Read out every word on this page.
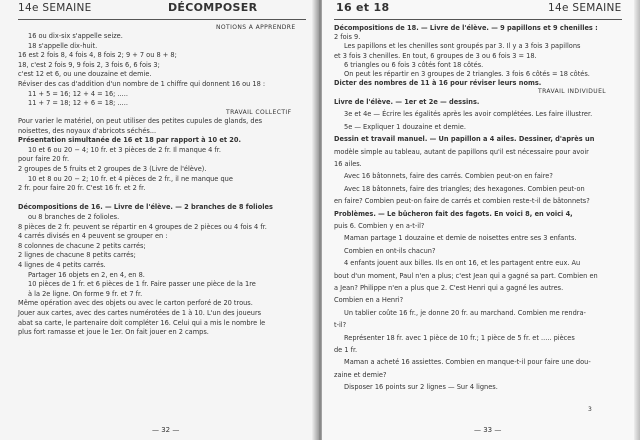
14e SEMAINE	DÉCOMPOSER
NOTIONS A APPRENDRE
16 ou dix-six s'appelle seize.
18 s'appelle dix-huit.
16 est 2 fois 8, 4 fois 4, 8 fois 2; 9 + 7 ou 8 + 8;
18, c'est 2 fois 9, 9 fois 2, 3 fois 6, 6 fois 3;
c'est 12 et 6, ou une douzaine et demie.
Réviser des cas d'addition d'un nombre de 1 chiffre qui donnent 16 ou 18 :
11 + 5 = 16; 12 + 4 = 16; .....
11 + 7 = 18; 12 + 6 = 18; .....
TRAVAIL COLLECTIF
Pour varier le matériel, on peut utiliser des petites cupules de glands, des
noisettes, des noyaux d'abricots séchés...
Présentation simultanée de 16 et 18 par rapport à 10 et 20.
10 et 6 ou 20 − 4; 10 fr. et 3 pièces de 2 fr. Il manque 4 fr.
pour faire 20 fr.
2 groupes de 5 fruits et 2 groupes de 3 (Livre de l'élève).
10 et 8 ou 20 − 2; 10 fr. et 4 pièces de 2 fr., il ne manque que
2 fr. pour faire 20 fr. C'est 16 fr. et 2 fr.
Décompositions de 16. — Livre de l'élève. — 2 branches de 8 folioles
ou 8 branches de 2 folioles.
8 pièces de 2 fr. peuvent se répartir en 4 groupes de 2 pièces ou 4 fois 4 fr.
4 carrés divisés en 4 peuvent se grouper en :
8 colonnes de chacune 2 petits carrés;
2 lignes de chacune 8 petits carrés;
4 lignes de 4 petits carrés.
Partager 16 objets en 2, en 4, en 8.
10 pièces de 1 fr. et 6 pièces de 1 fr. Faire passer une pièce de la 1re
à la 2e ligne. On forme 9 fr. et 7 fr.
Même opération avec des objets ou avec le carton perforé de 20 trous.
Jouer aux cartes, avec des cartes numérotées de 1 à 10. L'un des joueurs
abat sa carte, le partenaire doit compléter 16. Celui qui a mis le nombre le
plus fort ramasse et joue le 1er. On fait jouer en 2 camps.
— 32 —
16 et 18	14e SEMAINE
Décompositions de 18. — Livre de l'élève. — 9 papillons et 9 chenilles :
2 fois 9.
Les papillons et les chenilles sont groupés par 3. Il y a 3 fois 3 papillons
et 3 fois 3 chenilles. En tout, 6 groupes de 3 ou 6 fois 3 = 18.
6 triangles ou 6 fois 3 côtés font 18 côtés.
On peut les répartir en 3 groupes de 2 triangles. 3 fois 6 côtés = 18 côtés.
Dicter des nombres de 11 à 16 pour réviser leurs noms.
TRAVAIL INDIVIDUEL
Livre de l'élève. — 1er et 2e — dessins.
3e et 4e — Écrire les égalités après les avoir complétées. Les faire illustrer.
5e — Expliquer 1 douzaine et demie.
Dessin et travail manuel. — Un papillon a 4 ailes. Dessiner, d'après un
modèle simple au tableau, autant de papillons qu'il est nécessaire pour avoir
16 ailes.
Avec 16 bâtonnets, faire des carrés. Combien peut-on en faire?
Avec 18 bâtonnets, faire des triangles; des hexagones. Combien peut-on
en faire? Combien peut-on faire de carrés et combien reste-t-il de bâtonnets?
Problèmes. — Le bûcheron fait des fagots. En voici 8, en voici 4,
puis 6. Combien y en a-t-il?
Maman partage 1 douzaine et demie de noisettes entre ses 3 enfants.
Combien en ont-ils chacun?
4 enfants jouent aux billes. Ils en ont 16, et les partagent entre eux. Au
bout d'un moment, Paul n'en a plus; c'est Jean qui a gagné sa part. Combien en
a Jean? Philippe n'en a plus que 2. C'est Henri qui a gagné les autres.
Combien en a Henri?
Un tablier coûte 16 fr., je donne 20 fr. au marchand. Combien me rendra-
t-il?
Représenter 18 fr. avec 1 pièce de 10 fr.; 1 pièce de 5 fr. et ..... pièces
de 1 fr.
Maman a acheté 16 assiettes. Combien en manque-t-il pour faire une dou-
zaine et demie?
Disposer 16 points sur 2 lignes — Sur 4 lignes.
— 33 —
3
